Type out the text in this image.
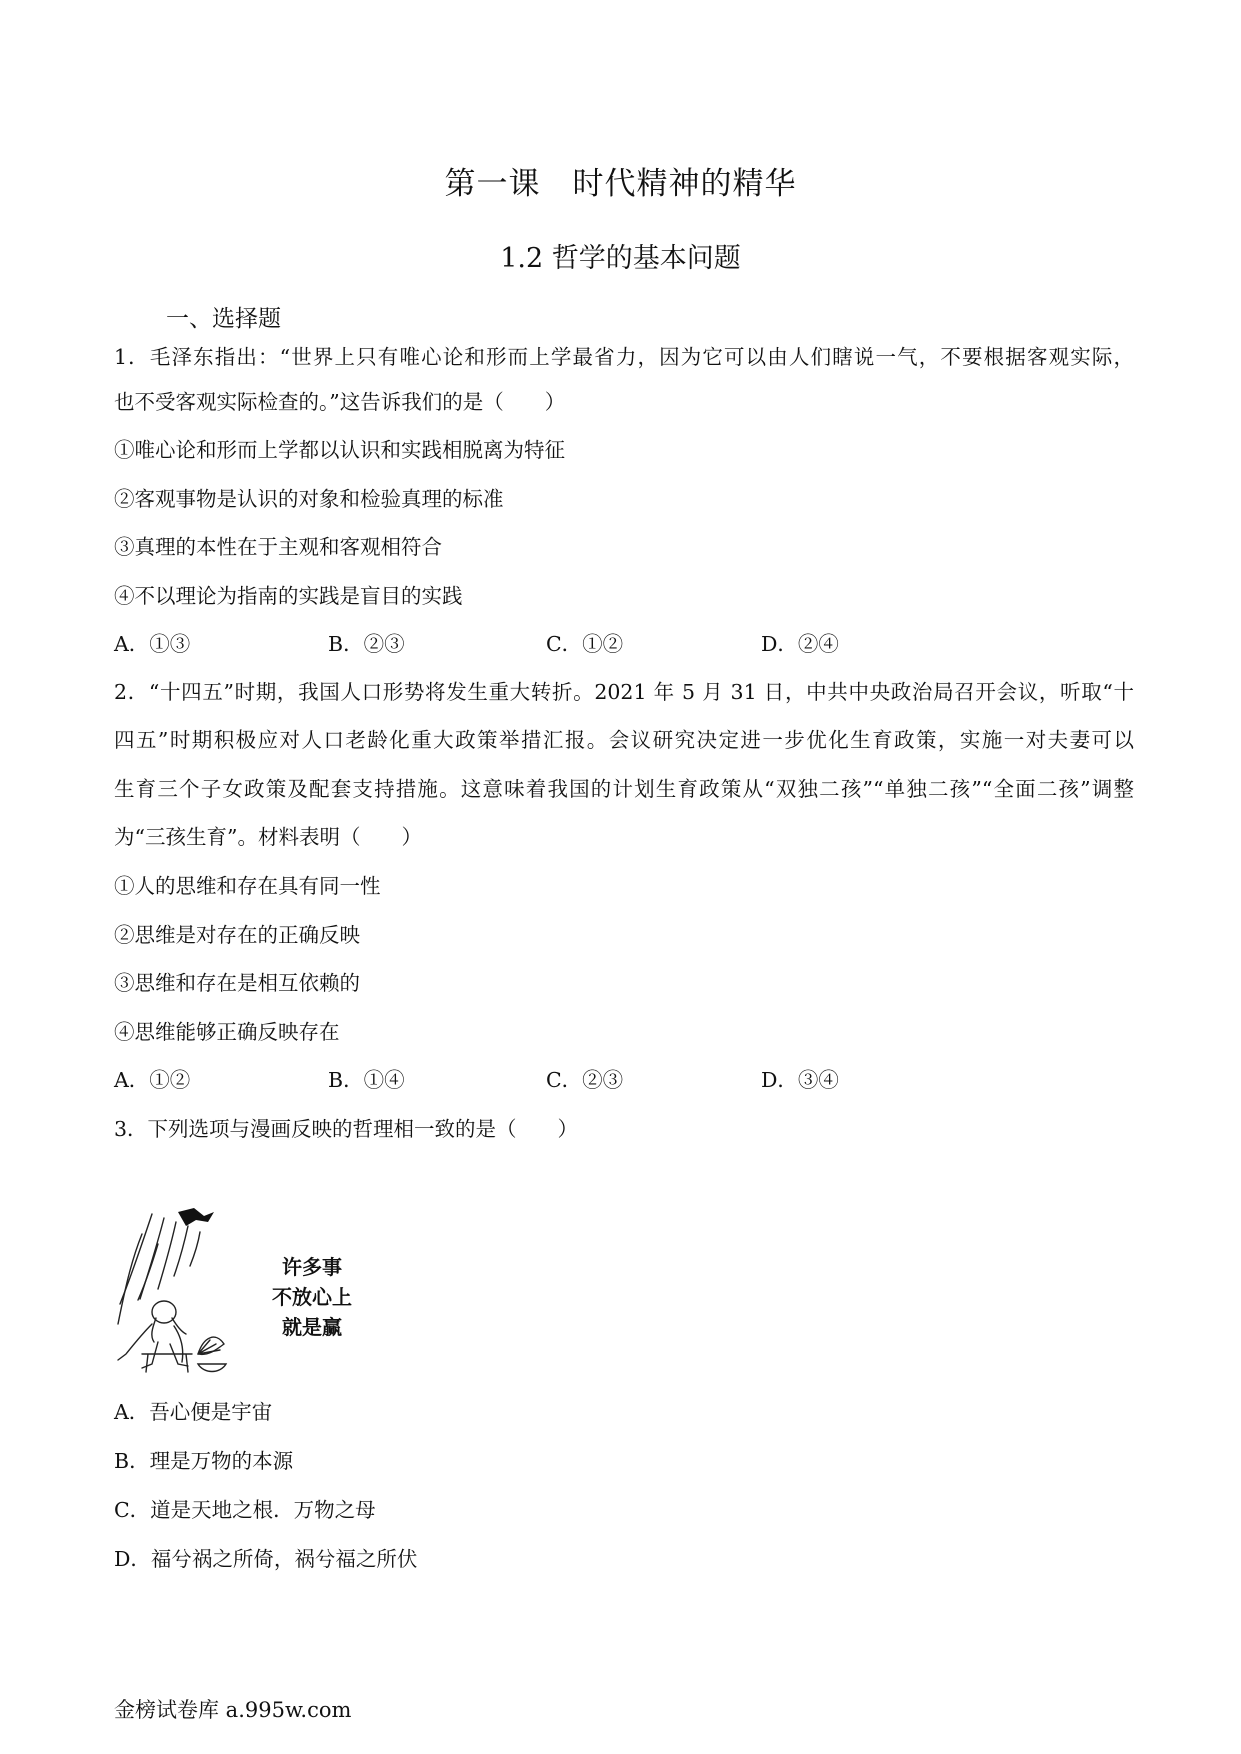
第一课　时代精神的精华
1.2 哲学的基本问题
一、选择题
1．毛泽东指出：“世界上只有唯心论和形而上学最省力，因为它可以由人们瞎说一气，不要根据客观实际，
也不受客观实际检查的。”这告诉我们的是（　　）
①唯心论和形而上学都以认识和实践相脱离为特征
②客观事物是认识的对象和检验真理的标准
③真理的本性在于主观和客观相符合
④不以理论为指南的实践是盲目的实践
A．①③	B．②③	C．①②	D．②④
2．“十四五”时期，我国人口形势将发生重大转折。2021 年 5 月 31 日，中共中央政治局召开会议，听取“十
四五”时期积极应对人口老龄化重大政策举措汇报。会议研究决定进一步优化生育政策，实施一对夫妻可以
生育三个子女政策及配套支持措施。这意味着我国的计划生育政策从“双独二孩”“单独二孩”“全面二孩”调整
为“三孩生育”。材料表明（　　）
①人的思维和存在具有同一性
②思维是对存在的正确反映
③思维和存在是相互依赖的
④思维能够正确反映存在
A．①②	B．①④	C．②③	D．③④
3．下列选项与漫画反映的哲理相一致的是（　　）
许多事
不放心上
就是赢
A．吾心便是宇宙
B．理是万物的本源
C．道是天地之根．万物之母
D．福兮祸之所倚，祸兮福之所伏
金榜试卷库 a.995w.com
